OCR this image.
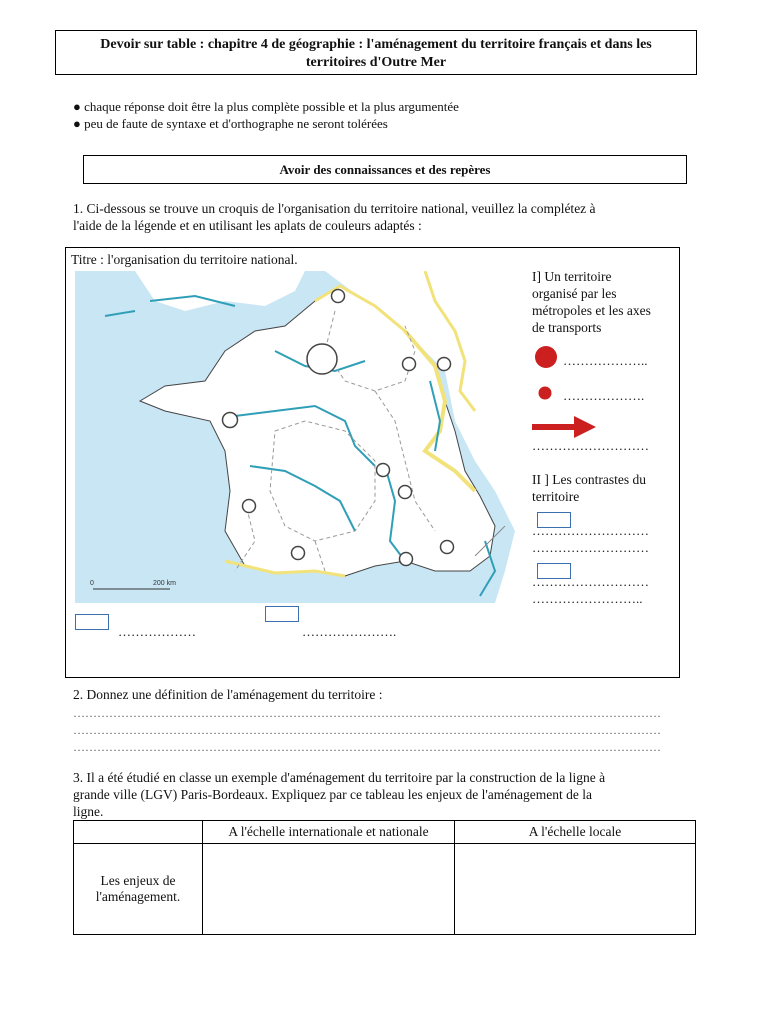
Devoir sur table : chapitre 4 de géographie : l'aménagement du territoire français et dans les
territoires d'Outre Mer
● chaque réponse doit être la plus complète possible et la plus argumentée
● peu de faute de syntaxe et d'orthographe ne seront tolérées
Avoir des connaissances et des repères
1. Ci-dessous se trouve un croquis de l'organisation du territoire national, veuillez la complétez à
l'aide de la légende et en utilisant les aplats de couleurs adaptés :
Titre : l'organisation du territoire national.
0	200 km
I] Un territoire
organisé par les
métropoles et les axes
de transports
………………..
……………….
………………………
II ] Les contrastes du
territoire
………………………
………………………
………………………
……………………..
………………	………………….
2. Donnez une définition de l'aménagement du territoire :
…………………………………………………………………………………………………………………………………
…………………………………………………………………………………………………………………………………
…………………………………………………………………………………………………………………………………
3. Il a été étudié en classe un exemple d'aménagement du territoire par la construction de la ligne à
grande ville (LGV) Paris-Bordeaux. Expliquez par ce tableau les enjeux de l'aménagement de la
ligne.
	A l'échelle internationale et nationale	A l'échelle locale

Les enjeux de
l'aménagement.		
